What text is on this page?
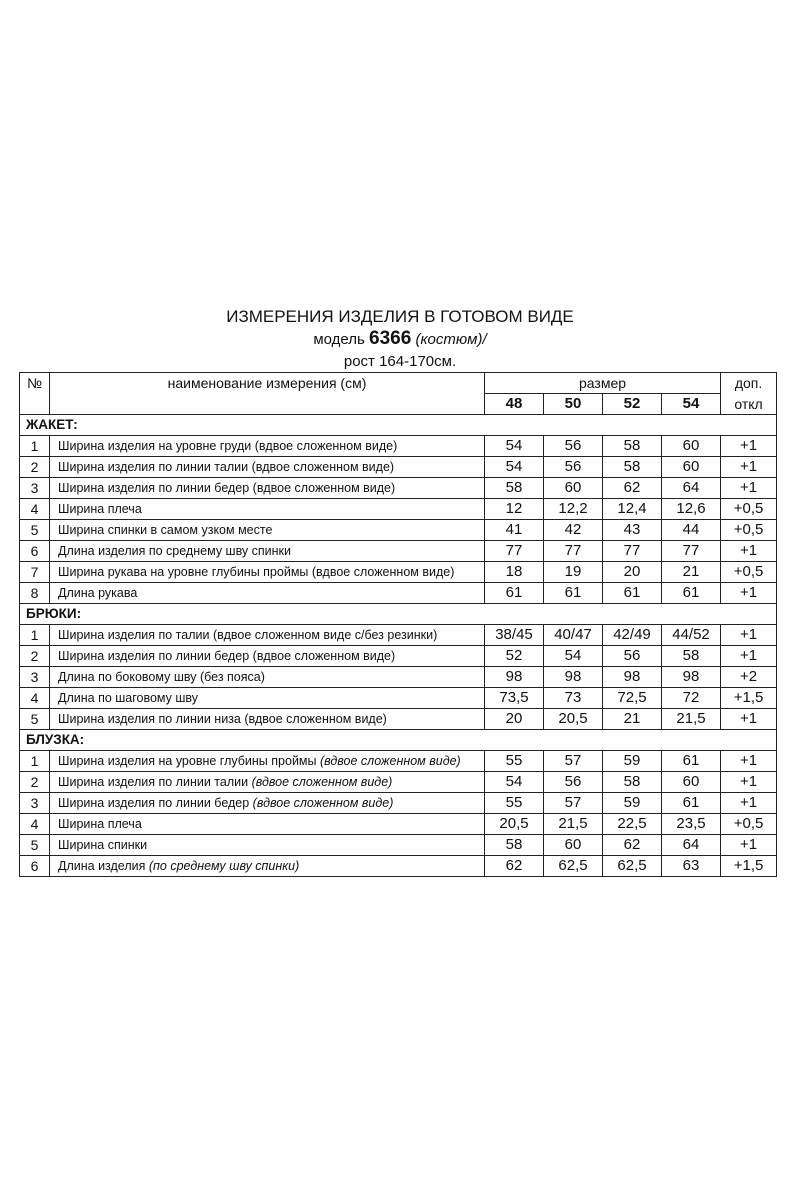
ИЗМЕРЕНИЯ ИЗДЕЛИЯ В ГОТОВОМ ВИДЕ
модель 6366 (костюм)/
рост 164-170см.
№	наименование измерения (см)	размер				доп.
		48	50	52	54	откл
ЖАКЕТ:						
1	Ширина изделия на уровне груди (вдвое сложенном виде)	54	56	58	60	+1
2	Ширина изделия по линии талии (вдвое сложенном виде)	54	56	58	60	+1
3	Ширина изделия по линии бедер (вдвое сложенном виде)	58	60	62	64	+1
4	Ширина плеча	12	12,2	12,4	12,6	+0,5
5	Ширина спинки в самом узком месте	41	42	43	44	+0,5
6	Длина изделия по среднему шву спинки	77	77	77	77	+1
7	Ширина рукава на уровне глубины проймы (вдвое сложенном виде)	18	19	20	21	+0,5
8	Длина рукава	61	61	61	61	+1
БРЮКИ:						
1	Ширина изделия по талии (вдвое сложенном виде с/без резинки)	38/45	40/47	42/49	44/52	+1
2	Ширина изделия по линии бедер (вдвое сложенном виде)	52	54	56	58	+1
3	Длина по боковому шву (без пояса)	98	98	98	98	+2
4	Длина по шаговому шву	73,5	73	72,5	72	+1,5
5	Ширина изделия по линии низа (вдвое сложенном виде)	20	20,5	21	21,5	+1
БЛУЗКА:						
1	Ширина изделия на уровне глубины проймы (вдвое сложенном виде)	55	57	59	61	+1
2	Ширина изделия по линии талии (вдвое сложенном виде)	54	56	58	60	+1
3	Ширина изделия по линии бедер (вдвое сложенном виде)	55	57	59	61	+1
4	Ширина плеча	20,5	21,5	22,5	23,5	+0,5
5	Ширина спинки	58	60	62	64	+1
6	Длина изделия (по среднему шву спинки)	62	62,5	62,5	63	+1,5
